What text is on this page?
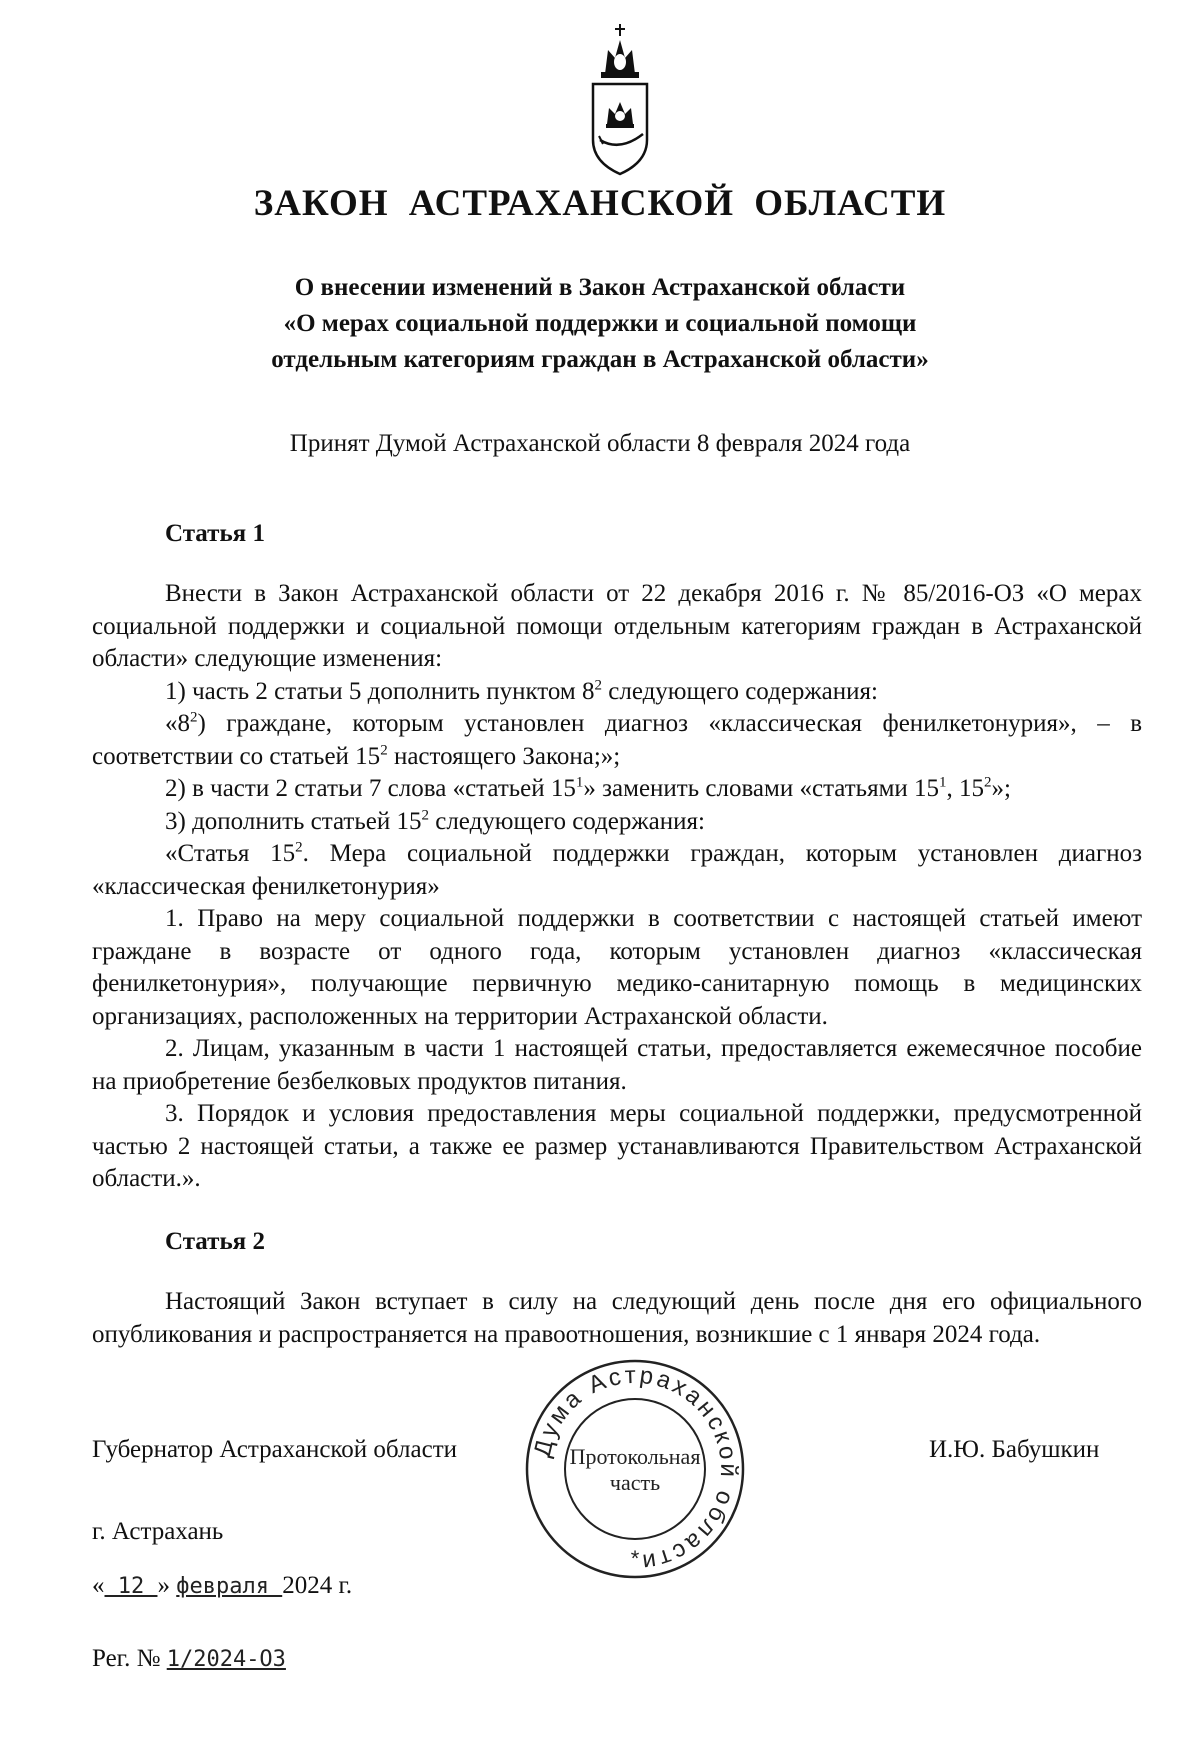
ЗАКОН АСТРАХАНСКОЙ ОБЛАСТИ
О внесении изменений в Закон Астраханской области
«О мерах социальной поддержки и социальной помощи
отдельным категориям граждан в Астраханской области»
Принят Думой Астраханской области 8 февраля 2024 года
Статья 1

Внести в Закон Астраханской области от 22 декабря 2016 г. № 85/2016-ОЗ «О мерах социальной поддержки и социальной помощи отдельным категориям граждан в Астраханской области» следующие изменения:

1) часть 2 статьи 5 дополнить пунктом $8^2$ следующего содержания:

«$8^2$) граждане, которым установлен диагноз «классическая фенилкетонурия», – в соответствии со статьей $15^2$ настоящего Закона;»;

2) в части 2 статьи 7 слова «статьей $15^1$» заменить словами «статьями $15^1$, $15^2$»;

3) дополнить статьей $15^2$ следующего содержания:

«Статья $15^2$. Мера социальной поддержки граждан, которым установлен диагноз «классическая фенилкетонурия»

1. Право на меру социальной поддержки в соответствии с настоящей статьей имеют граждане в возрасте от одного года, которым установлен диагноз «классическая фенилкетонурия», получающие первичную медико-санитарную помощь в медицинских организациях, расположенных на территории Астраханской области.

2. Лицам, указанным в части 1 настоящей статьи, предоставляется ежемесячное пособие на приобретение безбелковых продуктов питания.

3. Порядок и условия предоставления меры социальной поддержки, предусмотренной частью 2 настоящей статьи, а также ее размер устанавливаются Правительством Астраханской области.».

Статья 2

Настоящий Закон вступает в силу на следующий день после дня его официального опубликования и распространяется на правоотношения, возникшие с 1 января 2024 года.

Губернатор Астраханской области	И.Ю. Бабушкин
Дума Астраханской области
*
Протокольная
часть
г. Астрахань
« 12 » февраля 2024 г.
Рег. № 1/2024-ОЗ
